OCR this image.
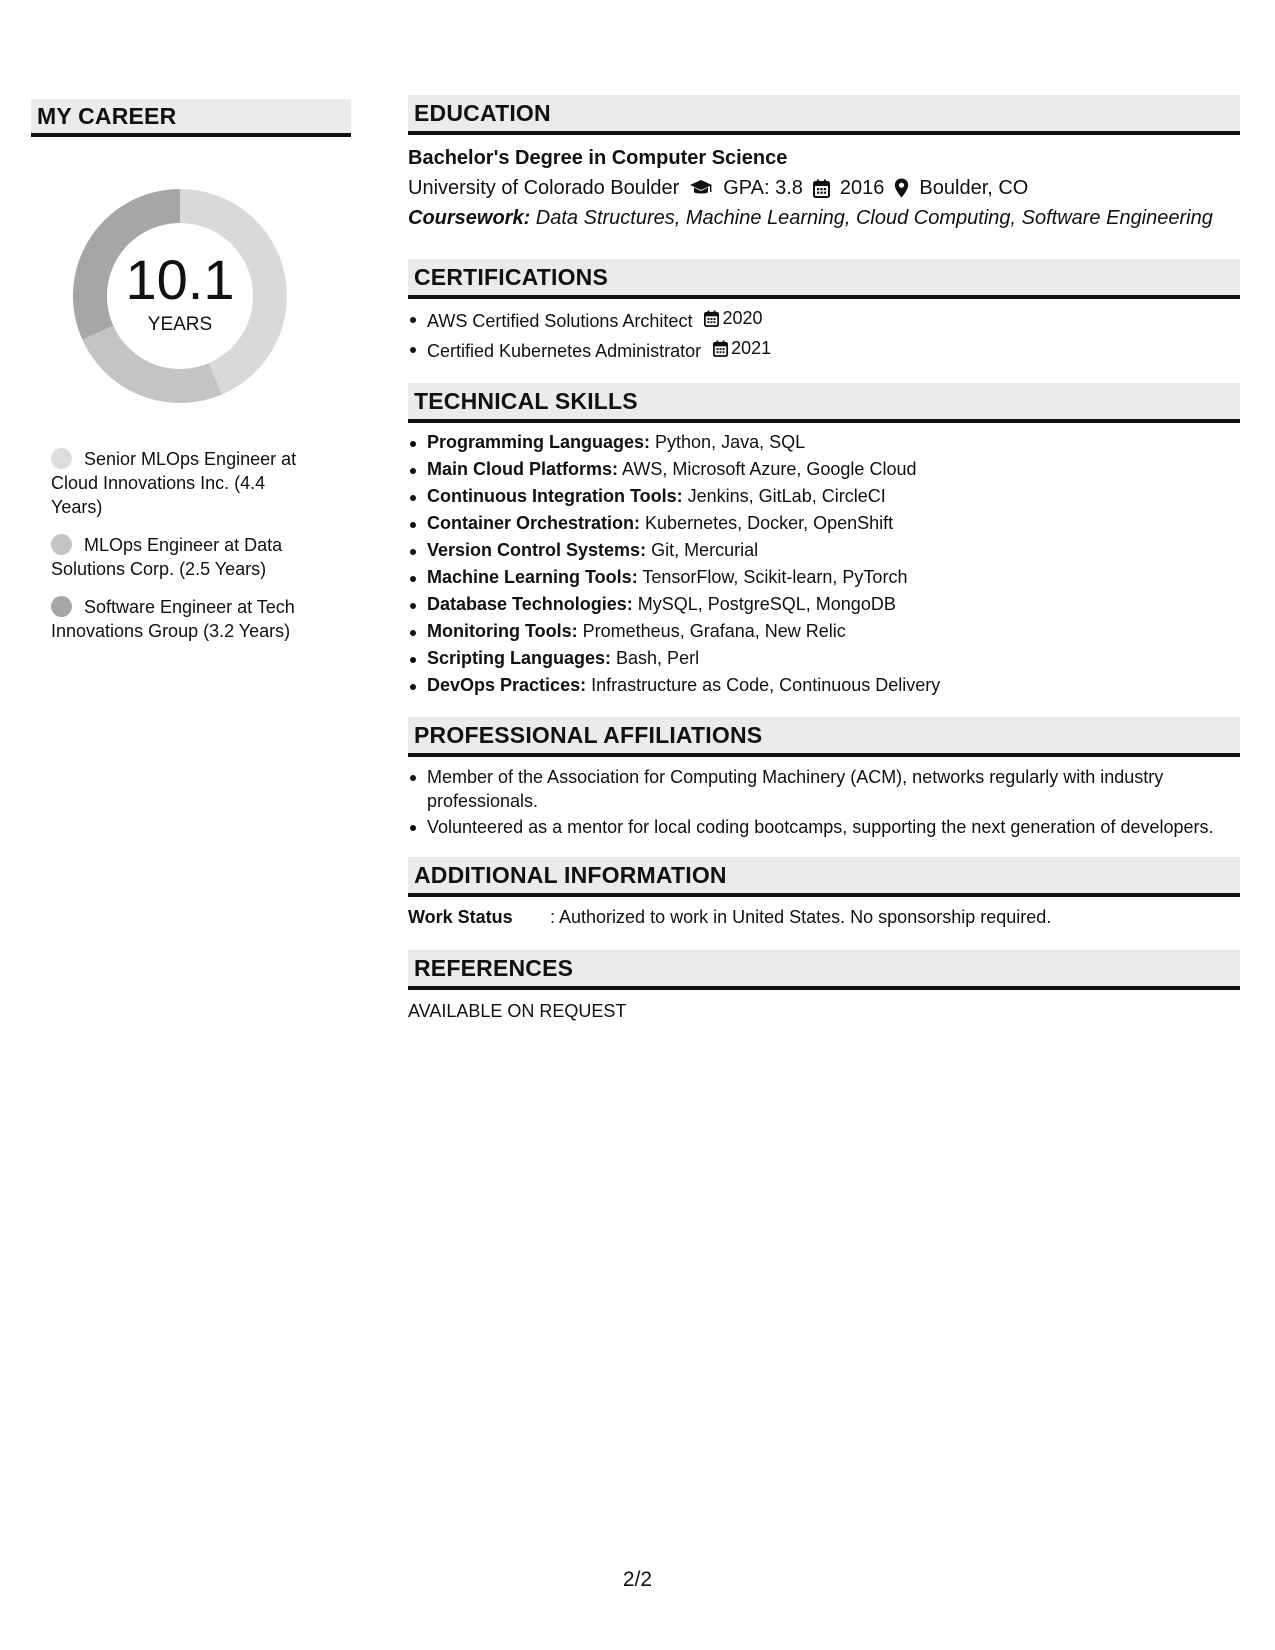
MY CAREER
10.1
YEARS
Senior MLOps Engineer at Cloud Innovations Inc. (4.4 Years)
MLOps Engineer at Data Solutions Corp. (2.5 Years)
Software Engineer at Tech Innovations Group (3.2 Years)
EDUCATION
Bachelor's Degree in Computer Science
University of Colorado Boulder GPA: 3.8 2016 Boulder, CO
Coursework: Data Structures, Machine Learning, Cloud Computing, Software Engineering
CERTIFICATIONS
AWS Certified Solutions Architect 2020
Certified Kubernetes Administrator 2021
TECHNICAL SKILLS
Programming Languages: Python, Java, SQL
Main Cloud Platforms: AWS, Microsoft Azure, Google Cloud
Continuous Integration Tools: Jenkins, GitLab, CircleCI
Container Orchestration: Kubernetes, Docker, OpenShift
Version Control Systems: Git, Mercurial
Machine Learning Tools: TensorFlow, Scikit-learn, PyTorch
Database Technologies: MySQL, PostgreSQL, MongoDB
Monitoring Tools: Prometheus, Grafana, New Relic
Scripting Languages: Bash, Perl
DevOps Practices: Infrastructure as Code, Continuous Delivery
PROFESSIONAL AFFILIATIONS
Member of the Association for Computing Machinery (ACM), networks regularly with industry professionals.
Volunteered as a mentor for local coding bootcamps, supporting the next generation of developers.
ADDITIONAL INFORMATION
Work Status	: Authorized to work in United States. No sponsorship required.
REFERENCES
AVAILABLE ON REQUEST
2/2
